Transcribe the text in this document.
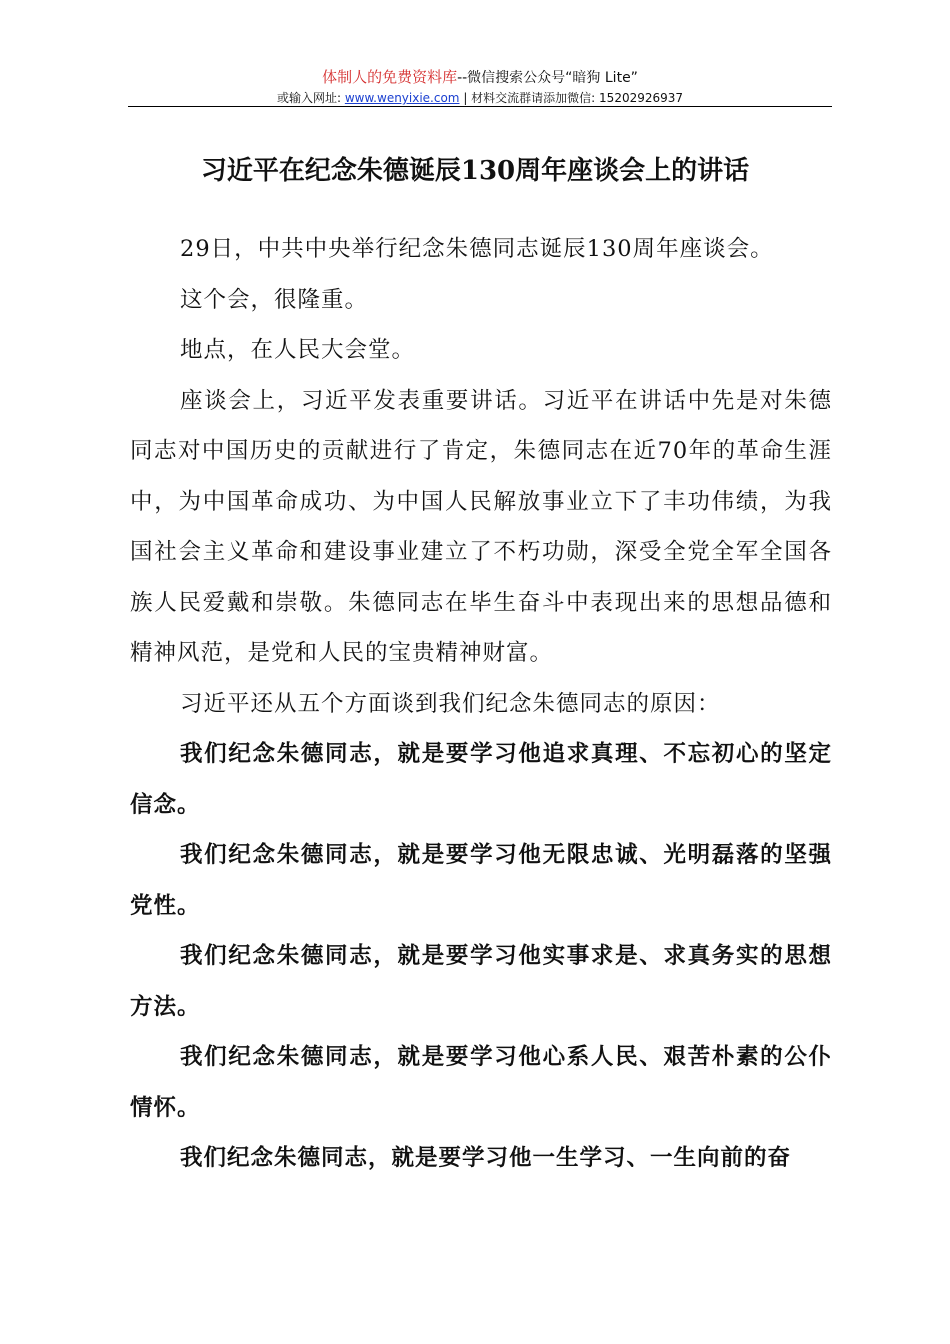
体制人的免费资料库--微信搜索公众号“暗狗 Lite”
或输入网址: www.wenyixie.com | 材料交流群请添加微信: 15202926937
习近平在纪念朱德诞辰130周年座谈会上的讲话

29日，中共中央举行纪念朱德同志诞辰130周年座谈会。

这个会，很隆重。

地点，在人民大会堂。

座谈会上，习近平发表重要讲话。习近平在讲话中先是对朱德同志对中国历史的贡献进行了肯定，朱德同志在近70年的革命生涯中，为中国革命成功、为中国人民解放事业立下了丰功伟绩，为我国社会主义革命和建设事业建立了不朽功勋，深受全党全军全国各族人民爱戴和崇敬。朱德同志在毕生奋斗中表现出来的思想品德和精神风范，是党和人民的宝贵精神财富。

习近平还从五个方面谈到我们纪念朱德同志的原因：

我们纪念朱德同志，就是要学习他追求真理、不忘初心的坚定信念。

我们纪念朱德同志，就是要学习他无限忠诚、光明磊落的坚强党性。

我们纪念朱德同志，就是要学习他实事求是、求真务实的思想方法。

我们纪念朱德同志，就是要学习他心系人民、艰苦朴素的公仆情怀。

我们纪念朱德同志，就是要学习他一生学习、一生向前的奋
